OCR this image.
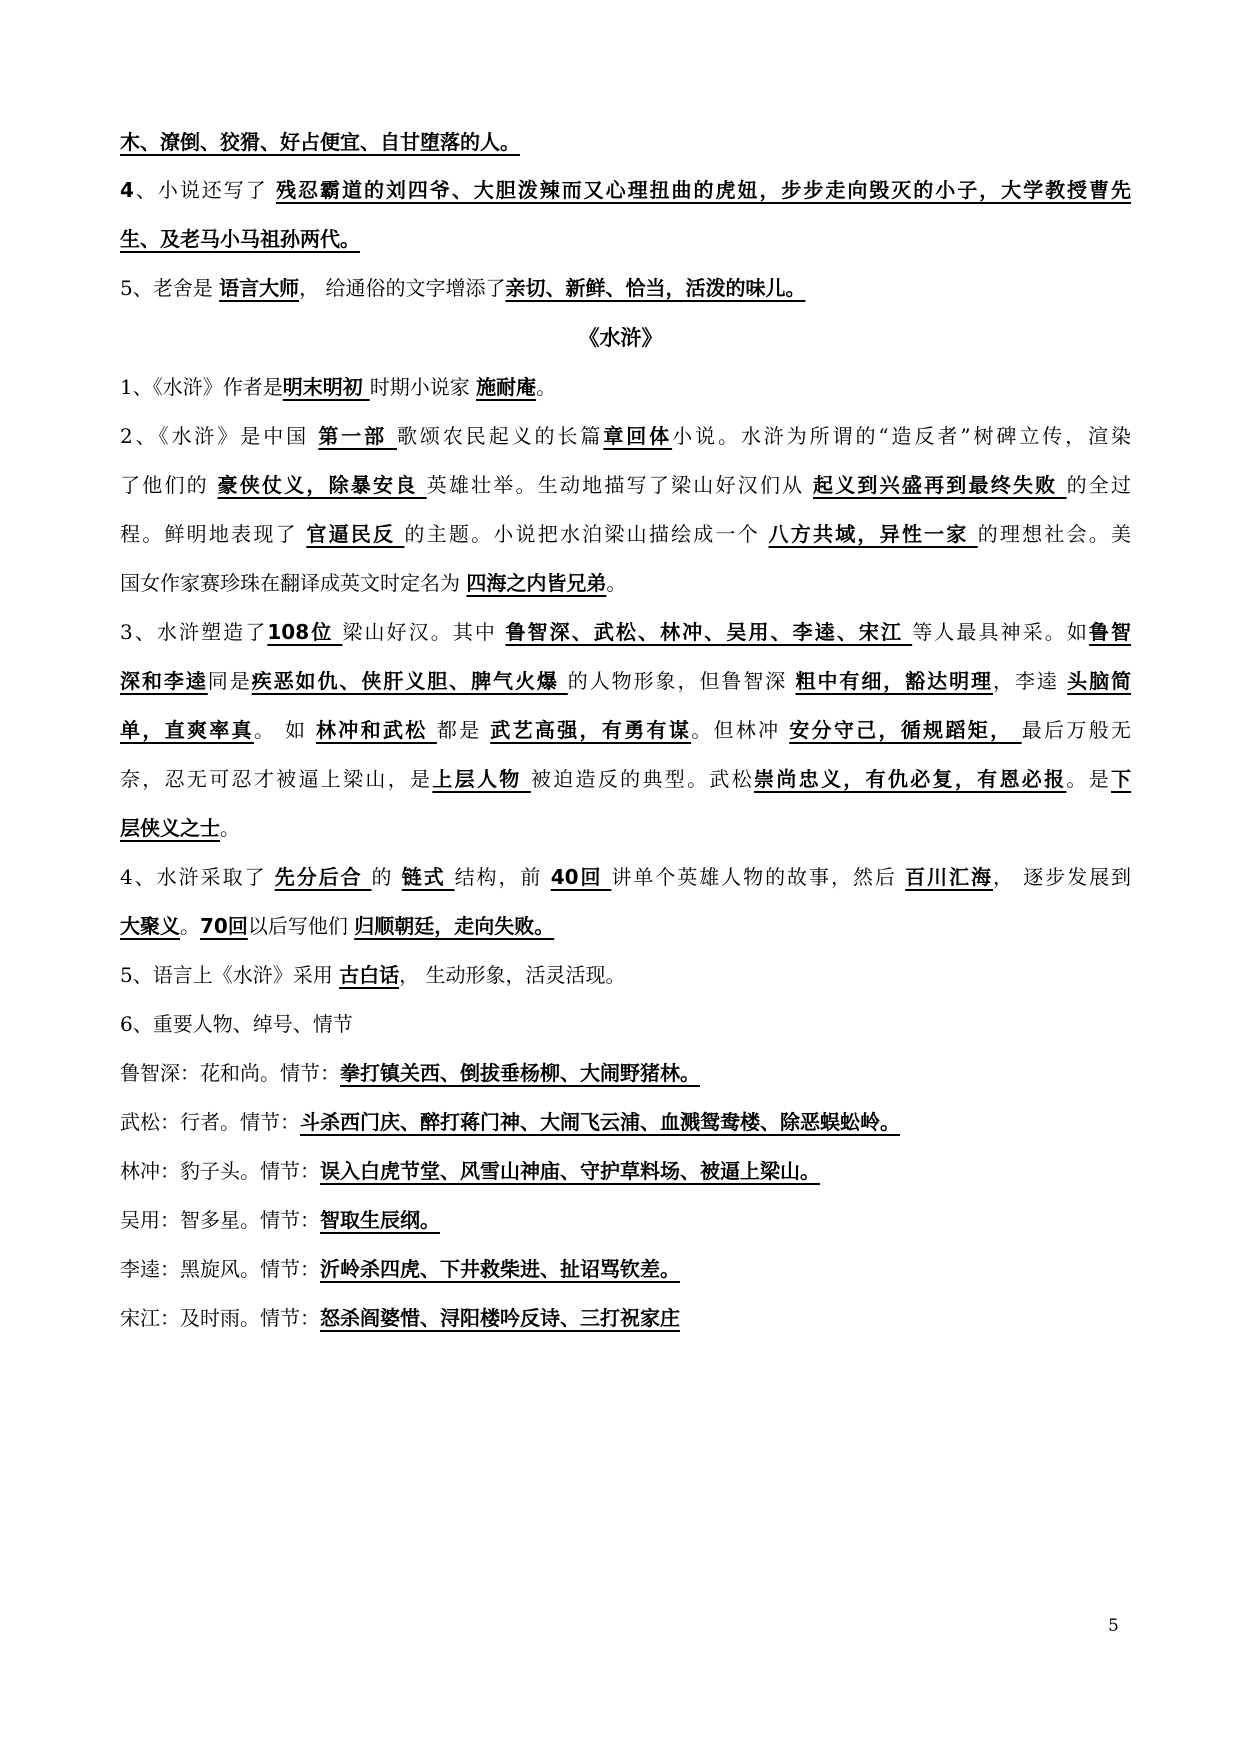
木、潦倒、狡猾、好占便宜、自甘堕落的人。
4、小说还写了 残忍霸道的刘四爷、大胆泼辣而又心理扭曲的虎妞，步步走向毁灭的小子，大学教授曹先
生、及老马小马祖孙两代。
5、老舍是 语言大师， 给通俗的文字增添了亲切、新鲜、恰当，活泼的味儿。
《水浒》
1、《水浒》作者是明末明初 时期小说家 施耐庵。
2、《水浒》是中国 第一部 歌颂农民起义的长篇章回体小说。水浒为所谓的“造反者”树碑立传，渲染
了他们的 豪侠仗义，除暴安良 英雄壮举。生动地描写了梁山好汉们从 起义到兴盛再到最终失败 的全过
程。鲜明地表现了 官逼民反 的主题。小说把水泊梁山描绘成一个 八方共域，异性一家 的理想社会。美
国女作家赛珍珠在翻译成英文时定名为 四海之内皆兄弟。
3、水浒塑造了108位 梁山好汉。其中 鲁智深、武松、林冲、吴用、李逵、宋江 等人最具神采。如鲁智
深和李逵同是疾恶如仇、侠肝义胆、脾气火爆 的人物形象，但鲁智深 粗中有细，豁达明理，李逵 头脑简
单，直爽率真。 如 林冲和武松 都是 武艺高强，有勇有谋。但林冲 安分守己，循规蹈矩， 最后万般无
奈，忍无可忍才被逼上梁山，是上层人物 被迫造反的典型。武松崇尚忠义，有仇必复，有恩必报。是下
层侠义之士。
4、水浒采取了 先分后合 的 链式 结构，前 40回 讲单个英雄人物的故事，然后 百川汇海， 逐步发展到
大聚义。70回以后写他们 归顺朝廷，走向失败。
5、语言上《水浒》采用 古白话， 生动形象，活灵活现。
6、重要人物、绰号、情节
鲁智深：花和尚。情节：拳打镇关西、倒拔垂杨柳、大闹野猪林。
武松：行者。情节：斗杀西门庆、醉打蒋门神、大闹飞云浦、血溅鸳鸯楼、除恶蜈蚣岭。
林冲：豹子头。情节：误入白虎节堂、风雪山神庙、守护草料场、被逼上梁山。
吴用：智多星。情节：智取生辰纲。
李逵：黑旋风。情节：沂岭杀四虎、下井救柴进、扯诏骂钦差。
宋江：及时雨。情节：怒杀阎婆惜、浔阳楼吟反诗、三打祝家庄
5
